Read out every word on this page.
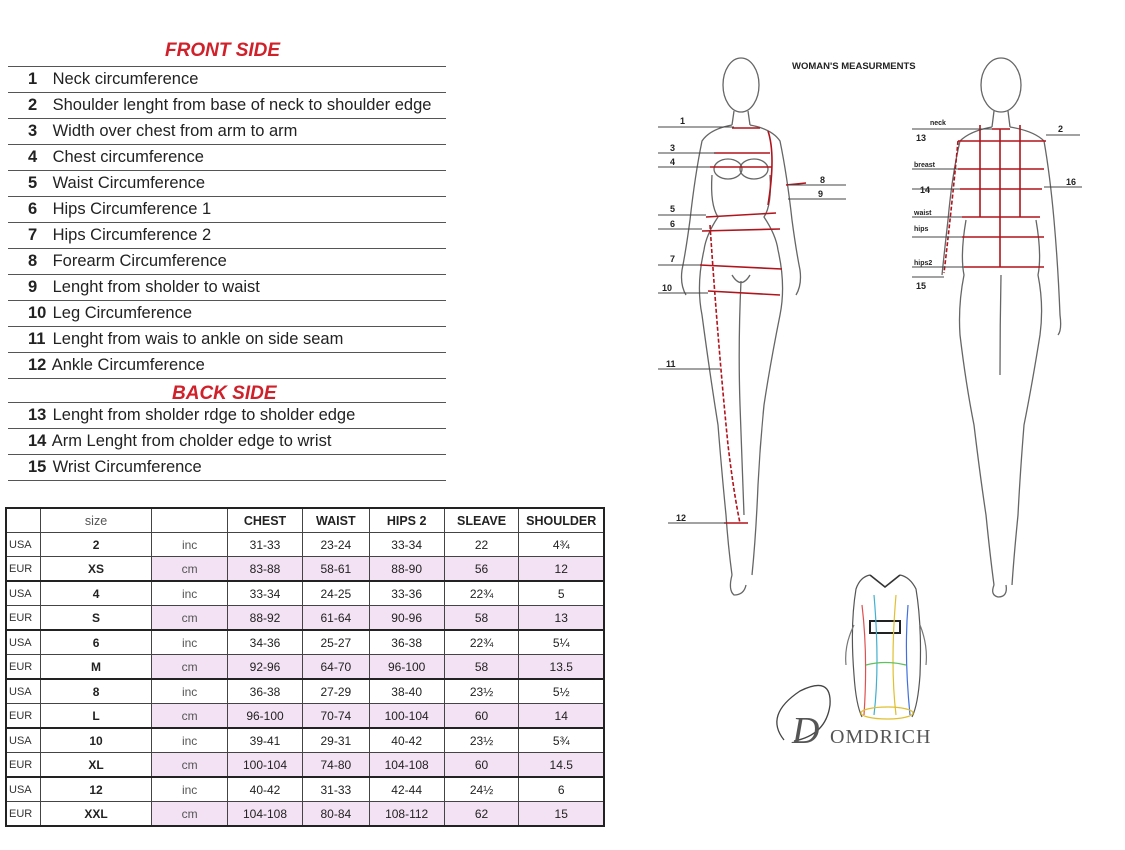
FRONT SIDE
1 Neck circumference
2 Shoulder lenght from base of neck to shoulder edge
3 Width over chest from arm to arm
4 Chest circumference
5 Waist Circumference
6 Hips Circumference 1
7 Hips Circumference 2
8 Forearm Circumference
9 Lenght from sholder to waist
10 Leg Circumference
11 Lenght from wais to ankle on side seam
12 Ankle Circumference
BACK SIDE
13 Lenght from sholder rdge to sholder edge
14 Arm Lenght from cholder edge to wrist
15 Wrist Circumference
	size		CHEST	WAIST	HIPS 2	SLEAVE	SHOULDER
USA	2	inc	31-33	23-24	33-34	22	4¾
EUR	XS	cm	83-88	58-61	88-90	56	12
USA	4	inc	33-34	24-25	33-36	22¾	5
EUR	S	cm	88-92	61-64	90-96	58	13
USA	6	inc	34-36	25-27	36-38	22¾	5¼
EUR	M	cm	92-96	64-70	96-100	58	13.5
USA	8	inc	36-38	27-29	38-40	23½	5½
EUR	L	cm	96-100	70-74	100-104	60	14
USA	10	inc	39-41	29-31	40-42	23½	5¾
EUR	XL	cm	100-104	74-80	104-108	60	14.5
USA	12	inc	40-42	31-33	42-44	24½	6
EUR	XXL	cm	104-108	80-84	108-112	62	15
WOMAN'S MEASURMENTS
1
3
4
5
6
7
10
11
12
8
9
neck
13
breast
14
waist
hips
hips2
15
2
16
D OMDRICH
